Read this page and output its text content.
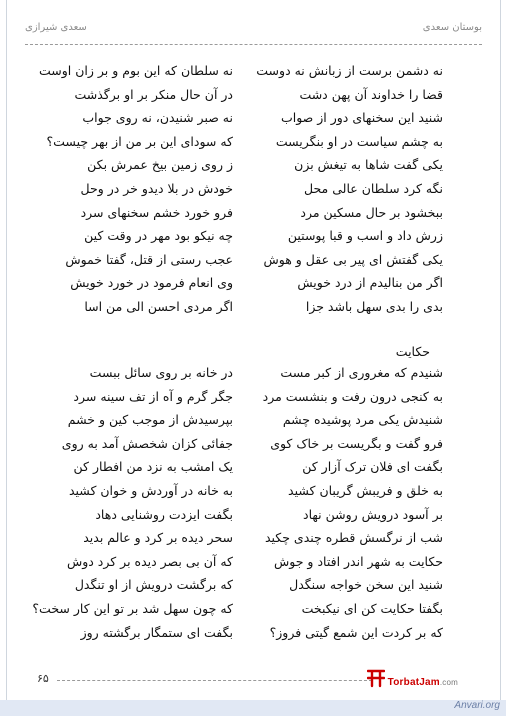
بوستان سعدی
سعدی شیرازی
نه دشمن برست از زبانش نه دوست
نه سلطان که این بوم و بر زان اوست
قضا را خداوند آن پهن دشت
در آن حال منکر بر او برگذشت
شنید این سخنهای دور از صواب
نه صبر شنیدن، نه روی جواب
به چشم سیاست در او بنگریست
که سودای این بر من از بهر چیست؟
یکی گفت شاها به تیغش بزن
ز روی زمین بیخ عمرش بکن
نگه کرد سلطان عالی محل
خودش در بلا دیدو خر در وحل
ببخشود بر حال مسکین مرد
فرو خورد خشم سخنهای سرد
زرش داد و اسب و قبا پوستین
چه نیکو بود مهر در وقت کین
یکی گفتش ای پیر بی عقل و هوش
عجب رستی از قتل، گفتا خموش
اگر من بنالیدم از درد خویش
وی انعام فرمود در خورد خویش
بدی را بدی سهل باشد جزا
اگر مردی احسن الی من اسا
حکایت
شنیدم که مغروری از کبر مست
در خانه بر روی سائل ببست
به کنجی درون رفت و بنشست مرد
جگر گرم و آه از تف سینه سرد
شنیدش یکی مرد پوشیده چشم
بپرسیدش از موجب کین و خشم
فرو گفت و بگریست بر خاک کوی
جفائی کزان شخصش آمد به روی
بگفت ای فلان ترک آزار کن
یک امشب به نزد من افطار کن
به خلق و فریبش گریبان کشید
به خانه در آوردش و خوان کشید
بر آسود درویش روشن نهاد
بگفت ایزدت روشنایی دهاد
شب از نرگسش قطره چندی چکید
سحر دیده بر کرد و عالم بدید
حکایت به شهر اندر افتاد و جوش
که آن بی بصر دیده بر کرد دوش
شنید این سخن خواجه سنگدل
که برگشت درویش از او تنگدل
بگفتا حکایت کن ای نیکبخت
که چون سهل شد بر تو این کار سخت؟
که بر کردت این شمع گیتی فروز؟
بگفت ای ستمگار برگشته روز
۶۵	TorbatJam.com
Anvari.org
